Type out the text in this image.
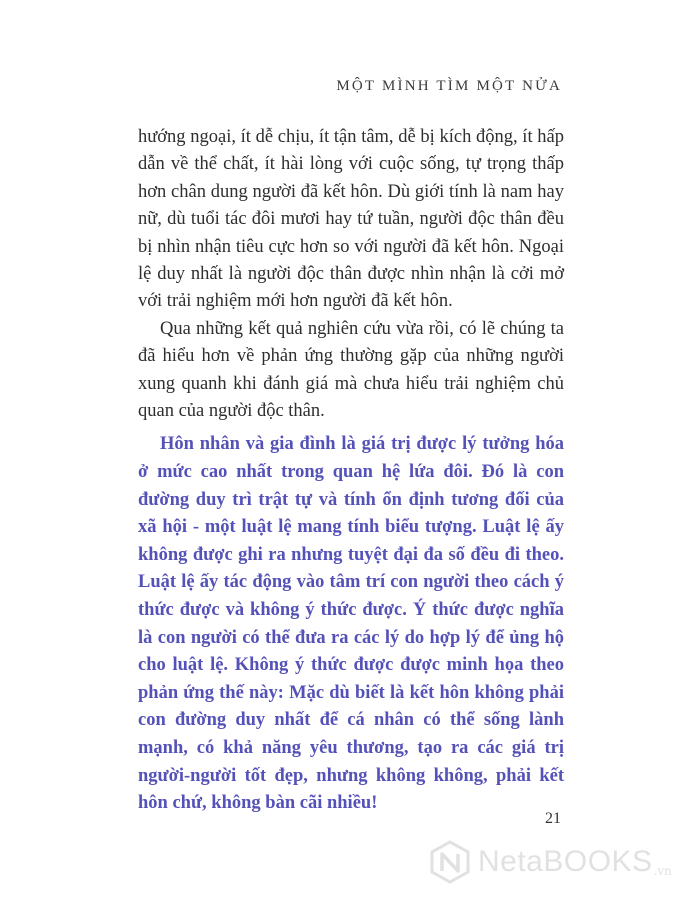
MỘT MÌNH TÌM MỘT NỬA

hướng ngoại, ít dễ chịu, ít tận tâm, dễ bị kích động, ít hấp dẫn về thể chất, ít hài lòng với cuộc sống, tự trọng thấp hơn chân dung người đã kết hôn. Dù giới tính là nam hay nữ, dù tuổi tác đôi mươi hay tứ tuần, người độc thân đều bị nhìn nhận tiêu cực hơn so với người đã kết hôn. Ngoại lệ duy nhất là người độc thân được nhìn nhận là cởi mở với trải nghiệm mới hơn người đã kết hôn.

Qua những kết quả nghiên cứu vừa rồi, có lẽ chúng ta đã hiểu hơn về phản ứng thường gặp của những người xung quanh khi đánh giá mà chưa hiểu trải nghiệm chủ quan của người độc thân.

Hôn nhân và gia đình là giá trị được lý tưởng hóa ở mức cao nhất trong quan hệ lứa đôi. Đó là con đường duy trì trật tự và tính ổn định tương đối của xã hội - một luật lệ mang tính biểu tượng. Luật lệ ấy không được ghi ra nhưng tuyệt đại đa số đều đi theo. Luật lệ ấy tác động vào tâm trí con người theo cách ý thức được và không ý thức được. Ý thức được nghĩa là con người có thể đưa ra các lý do hợp lý để ủng hộ cho luật lệ. Không ý thức được được minh họa theo phản ứng thế này: Mặc dù biết là kết hôn không phải con đường duy nhất để cá nhân có thể sống lành mạnh, có khả năng yêu thương, tạo ra các giá trị người-người tốt đẹp, nhưng không không, phải kết hôn chứ, không bàn cãi nhiều!

21
NetaBOOKS .vn
